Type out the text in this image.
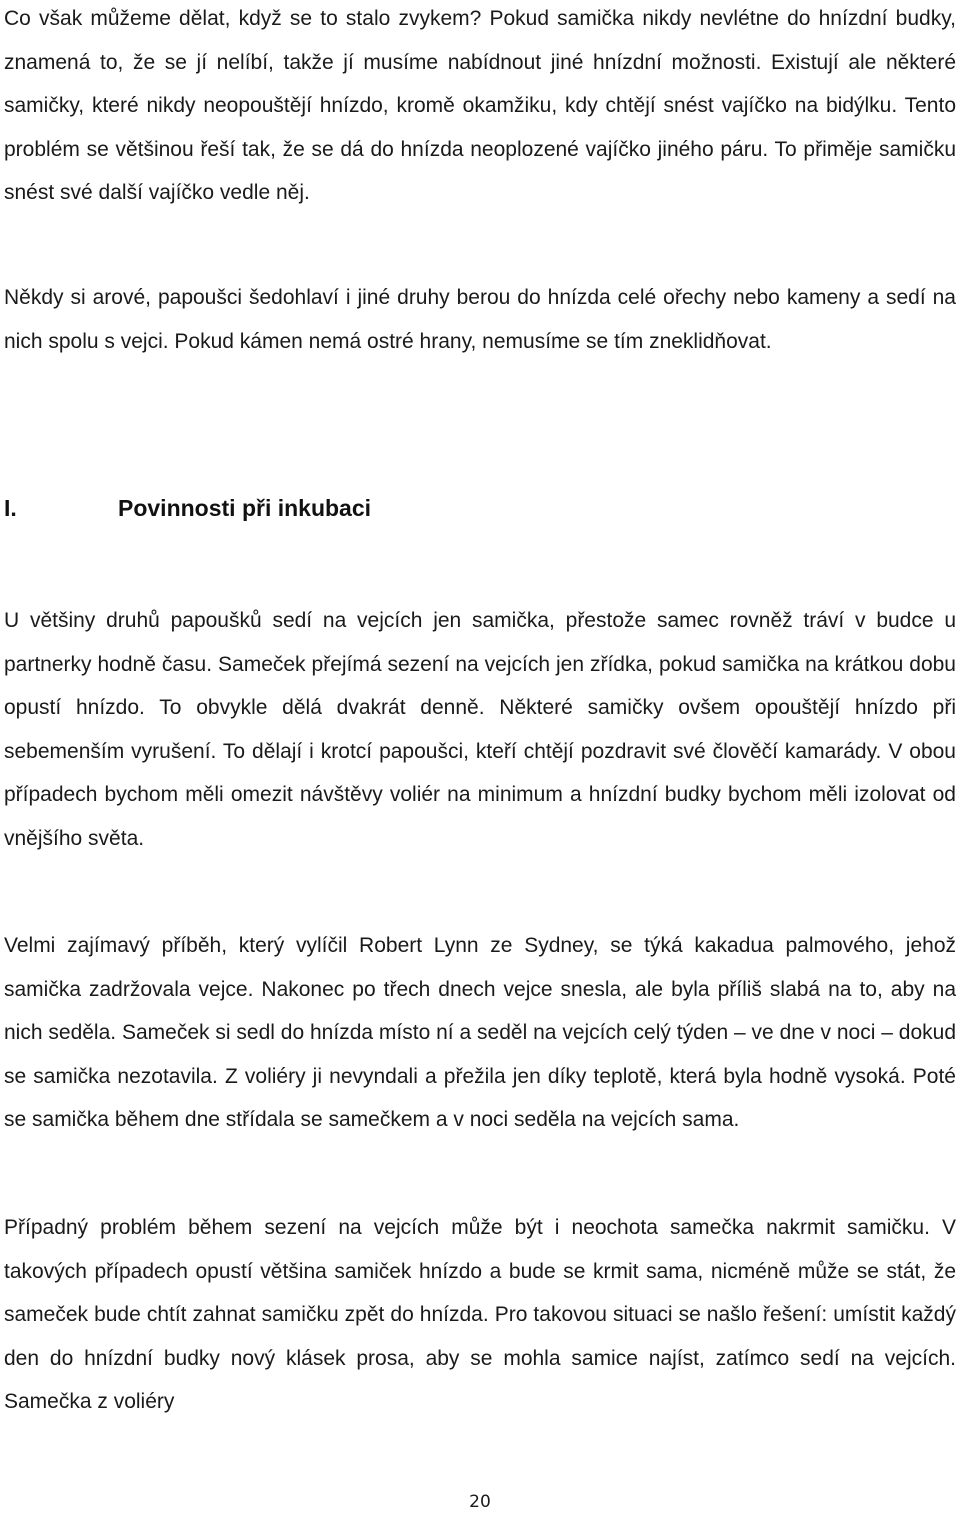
Co však můžeme dělat, když se to stalo zvykem? Pokud samička nikdy nevlétne do hnízdní budky, znamená to, že se jí nelíbí, takže jí musíme nabídnout jiné hnízdní možnosti. Existují ale některé samičky, které nikdy neopouštějí hnízdo, kromě okamžiku, kdy chtějí snést vajíčko na bidýlku. Tento problém se většinou řeší tak, že se dá do hnízda neoplozené vajíčko jiného páru. To přiměje samičku snést své další vajíčko vedle něj.

Někdy si arové, papoušci šedohlaví i jiné druhy berou do hnízda celé ořechy nebo kameny a sedí na nich spolu s vejci. Pokud kámen nemá ostré hrany, nemusíme se tím zneklidňovat.

I.	Povinnosti při inkubaci

U většiny druhů papoušků sedí na vejcích jen samička, přestože samec rovněž tráví v budce u partnerky hodně času. Sameček přejímá sezení na vejcích jen zřídka, pokud samička na krátkou dobu opustí hnízdo. To obvykle dělá dvakrát denně. Některé samičky ovšem opouštějí hnízdo při sebemenším vyrušení. To dělají i krotcí papoušci, kteří chtějí pozdravit své člověčí kamarády. V obou případech bychom měli omezit návštěvy voliér na minimum a hnízdní budky bychom měli izolovat od vnějšího světa.

Velmi zajímavý příběh, který vylíčil Robert Lynn ze Sydney, se týká kakadua palmového, jehož samička zadržovala vejce. Nakonec po třech dnech vejce snesla, ale byla příliš slabá na to, aby na nich seděla. Sameček si sedl do hnízda místo ní a seděl na vejcích celý týden – ve dne v noci – dokud se samička nezotavila. Z voliéry ji nevyndali a přežila jen díky teplotě, která byla hodně vysoká. Poté se samička během dne střídala se samečkem a v noci seděla na vejcích sama.

Případný problém během sezení na vejcích může být i neochota samečka nakrmit samičku. V takových případech opustí většina samiček hnízdo a bude se krmit sama, nicméně může se stát, že sameček bude chtít zahnat samičku zpět do hnízda. Pro takovou situaci se našlo řešení: umístit každý den do hnízdní budky nový klásek prosa, aby se mohla samice najíst, zatímco sedí na vejcích. Samečka z voliéry

20
